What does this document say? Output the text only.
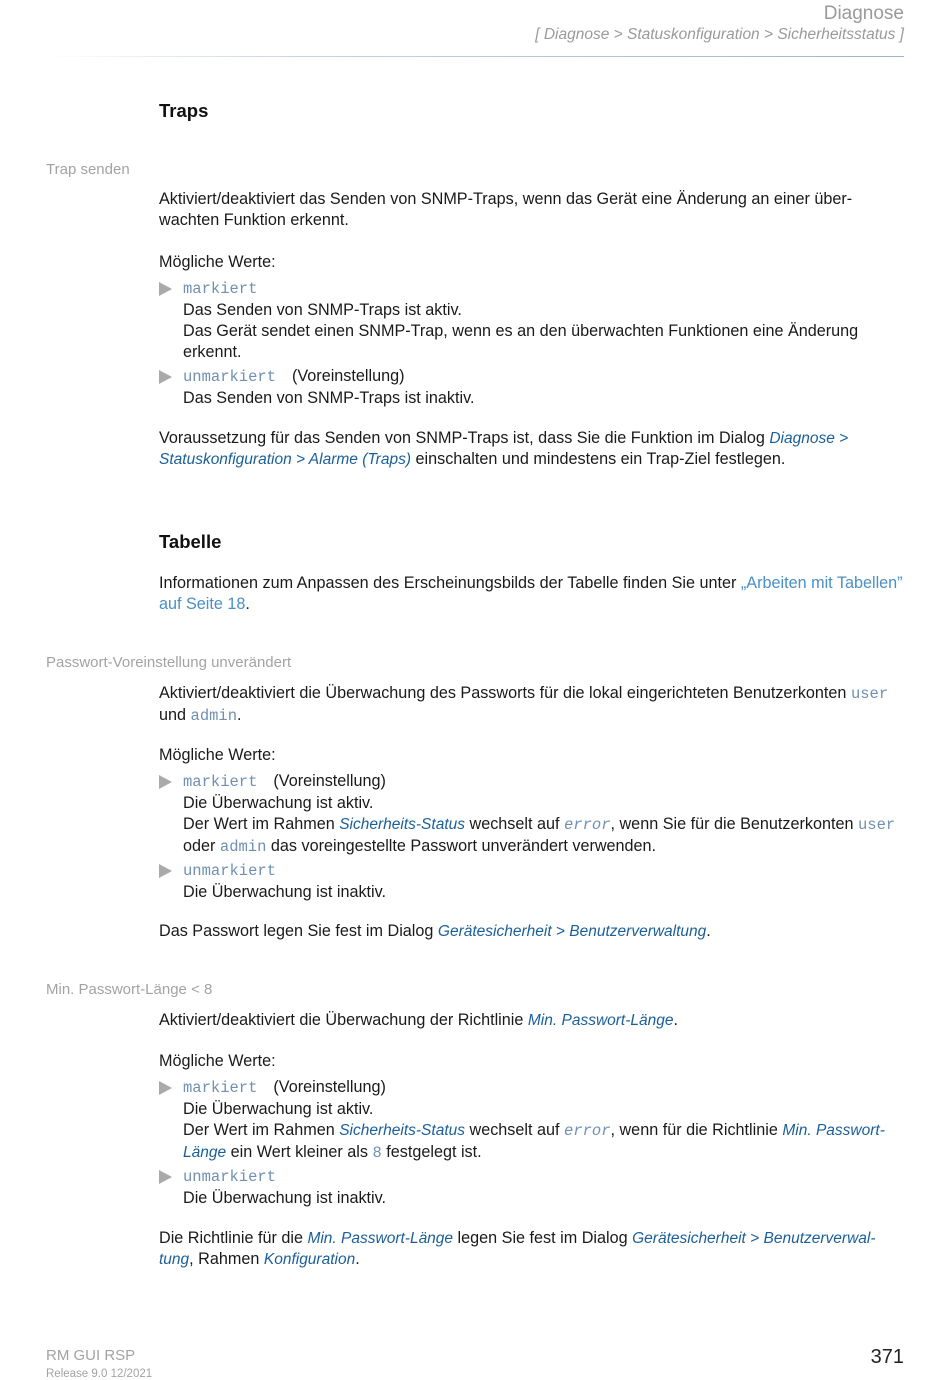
Diagnose
[ Diagnose > Statuskonfiguration > Sicherheitsstatus ]
Traps
Trap senden
Aktiviert/deaktiviert das Senden von SNMP-Traps, wenn das Gerät eine Änderung an einer über-wachten Funktion erkennt.
Mögliche Werte:
markiert
Das Senden von SNMP-Traps ist aktiv.
Das Gerät sendet einen SNMP-Trap, wenn es an den überwachten Funktionen eine Änderung erkennt.
unmarkiert (Voreinstellung)
Das Senden von SNMP-Traps ist inaktiv.
Voraussetzung für das Senden von SNMP-Traps ist, dass Sie die Funktion im Dialog Diagnose > Statuskonfiguration > Alarme (Traps) einschalten und mindestens ein Trap-Ziel festlegen.
Tabelle
Informationen zum Anpassen des Erscheinungsbilds der Tabelle finden Sie unter „Arbeiten mit Tabellen” auf Seite 18.
Passwort-Voreinstellung unverändert
Aktiviert/deaktiviert die Überwachung des Passworts für die lokal eingerichteten Benutzerkonten user und admin.
Mögliche Werte:
markiert (Voreinstellung)
Die Überwachung ist aktiv.
Der Wert im Rahmen Sicherheits-Status wechselt auf error, wenn Sie für die Benutzerkonten user oder admin das voreingestellte Passwort unverändert verwenden.
unmarkiert
Die Überwachung ist inaktiv.
Das Passwort legen Sie fest im Dialog Gerätesicherheit > Benutzerverwaltung.
Min. Passwort-Länge < 8
Aktiviert/deaktiviert die Überwachung der Richtlinie Min. Passwort-Länge.
Mögliche Werte:
markiert (Voreinstellung)
Die Überwachung ist aktiv.
Der Wert im Rahmen Sicherheits-Status wechselt auf error, wenn für die Richtlinie Min. Passwort-Länge ein Wert kleiner als 8 festgelegt ist.
unmarkiert
Die Überwachung ist inaktiv.
Die Richtlinie für die Min. Passwort-Länge legen Sie fest im Dialog Gerätesicherheit > Benutzerverwal-tung, Rahmen Konfiguration.
RM GUI RSP
Release 9.0 12/2021
371
